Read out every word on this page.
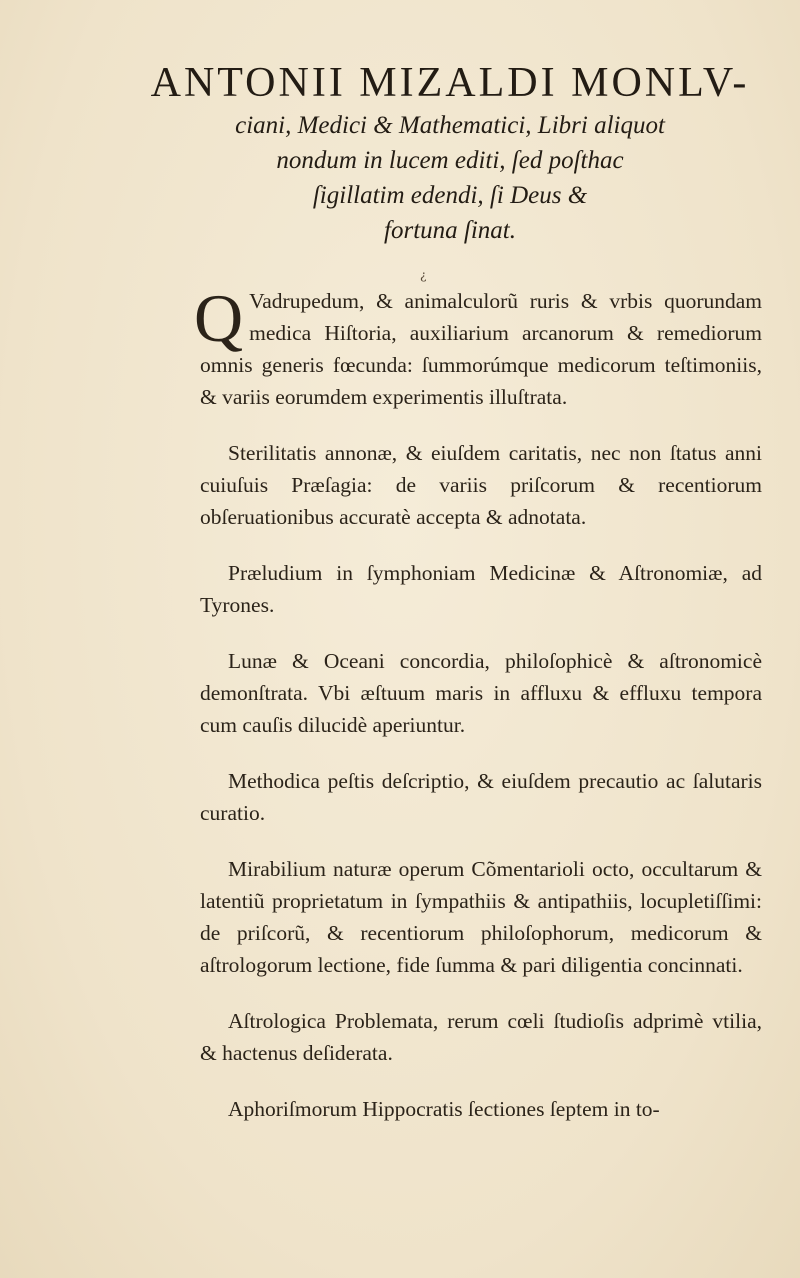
ANTONII MIZALDI MONLV-
ciani, Medici & Mathematici, Libri aliquot
nondum in lucem editi, ſed poſthac
ſigillatim edendi, ſi Deus &
fortuna ſinat.
¿

Q Vadrupedum, & animalculorũ ruris & vrbis quorundam medica Hiſtoria, auxiliarium arcanorum & remediorum omnis generis fœcunda: ſummorúmque medicorum teſtimoniis, & variis eorumdem experimentis illuſtrata.

Sterilitatis annonæ, & eiuſdem caritatis, nec non ſtatus anni cuiuſuis Præſagia: de variis priſcorum & recentiorum obſeruationibus accuratè accepta & adnotata.

Præludium in ſymphoniam Medicinæ & Aſtronomiæ, ad Tyrones.

Lunæ & Oceani concordia, philoſophicè & aſtronomicè demonſtrata. Vbi æſtuum maris in affluxu & effluxu tempora cum cauſis dilucidè aperiuntur.

Methodica peſtis deſcriptio, & eiuſdem precautio ac ſalutaris curatio.

Mirabilium naturæ operum Cõmentarioli octo, occultarum & latentiũ proprietatum in ſympathiis & antipathiis, locupletiſſimi: de priſcorũ, & recentiorum philoſophorum, medicorum & aſtrologorum lectione, fide ſumma & pari diligentia concinnati.

Aſtrologica Problemata, rerum cœli ſtudioſis adprimè vtilia, & hactenus deſiderata.

Aphoriſmorum Hippocratis ſectiones ſeptem in to-
